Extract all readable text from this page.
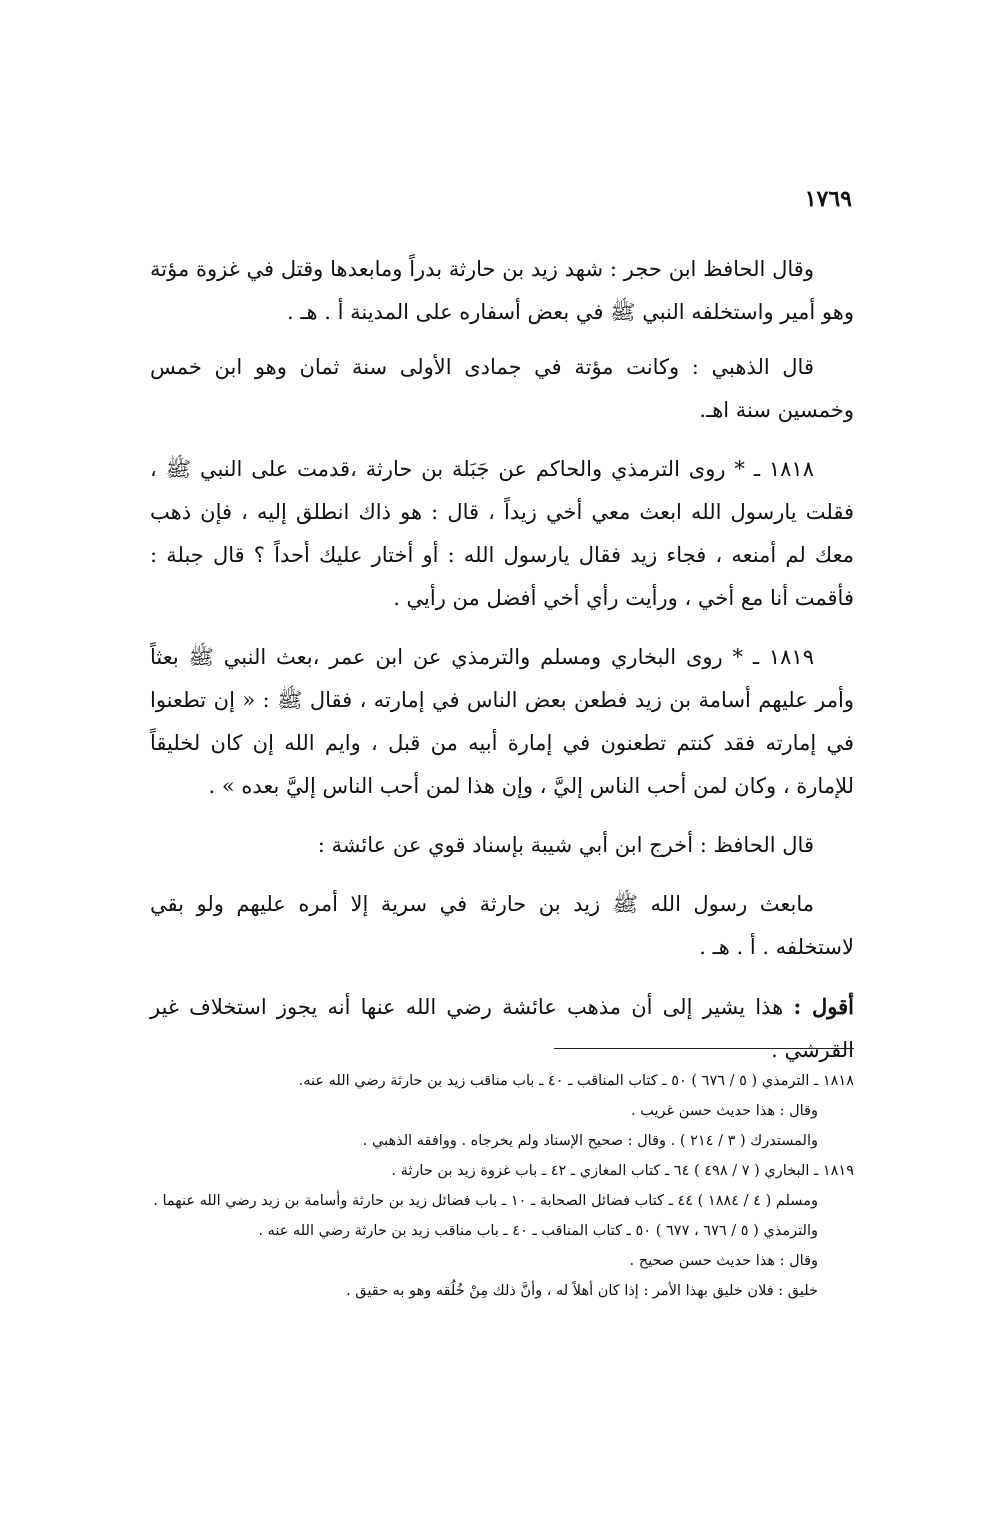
١٧٦٩

وقال الحافظ ابن حجر : شهد زيد بن حارثة بدراً ومابعدها وقتل في غزوة مؤتة وهو أمير واستخلفه النبي ﷺ في بعض أسفاره على المدينة أ . هـ .

قال الذهبي : وكانت مؤتة في جمادى الأولى سنة ثمان وهو ابن خمس وخمسين سنة اهـ.

١٨١٨ ـ * روى الترمذي والحاكم عن جَبَلة بن حارثة ،قدمت على النبي ﷺ ، فقلت يارسول الله ابعث معي أخي زيداً ، قال : هو ذاك انطلق إليه ، فإن ذهب معك لم أمنعه ، فجاء زيد فقال يارسول الله : أو أختار عليك أحداً ؟ قال جبلة : فأقمت أنا مع أخي ، ورأيت رأي أخي أفضل من رأيي .

١٨١٩ ـ * روى البخاري ومسلم والترمذي عن ابن عمر ،بعث النبي ﷺ بعثاً وأمر عليهم أسامة بن زيد فطعن بعض الناس في إمارته ، فقال ﷺ : « إن تطعنوا في إمارته فقد كنتم تطعنون في إمارة أبيه من قبل ، وايم الله إن كان لخليقاً للإمارة ، وكان لمن أحب الناس إليَّ ، وإن هذا لمن أحب الناس إليَّ بعده » .

قال الحافظ : أخرج ابن أبي شيبة بإسناد قوي عن عائشة :

مابعث رسول الله ﷺ زيد بن حارثة في سرية إلا أمره عليهم ولو بقي لاستخلفه . أ . هـ .

أقول : هذا يشير إلى أن مذهب عائشة رضي الله عنها أنه يجوز استخلاف غير القرشي .

١٨١٨ ـ الترمذي ( ٥ / ٦٧٦ ) ٥٠ ـ كتاب المناقب ـ ٤٠ ـ باب مناقب زيد بن حارثة رضي الله عنه.

وقال : هذا حديث حسن غريب .

والمستدرك ( ٣ / ٢١٤ ) . وقال : صحيح الإسناد ولم يخرجاه . ووافقه الذهبي .

١٨١٩ ـ البخاري ( ٧ / ٤٩٨ ) ٦٤ ـ كتاب المغازي ـ ٤٢ ـ باب غزوة زيد بن حارثة .

ومسلم ( ٤ / ١٨٨٤ ) ٤٤ ـ كتاب فضائل الصحابة ـ ١٠ ـ باب فضائل زيد بن حارثة وأسامة بن زيد رضي الله عنهما .

والترمذي ( ٥ / ٦٧٦ ، ٦٧٧ ) ٥٠ ـ كتاب المناقب ـ ٤٠ ـ باب مناقب زيد بن حارثة رضي الله عنه .

وقال : هذا حديث حسن صحيح .

خليق : فلان خليق بهذا الأمر : إذا كان أهلاً له ، وأنَّ ذلك مِنْ خُلُقه وهو به حقيق .
